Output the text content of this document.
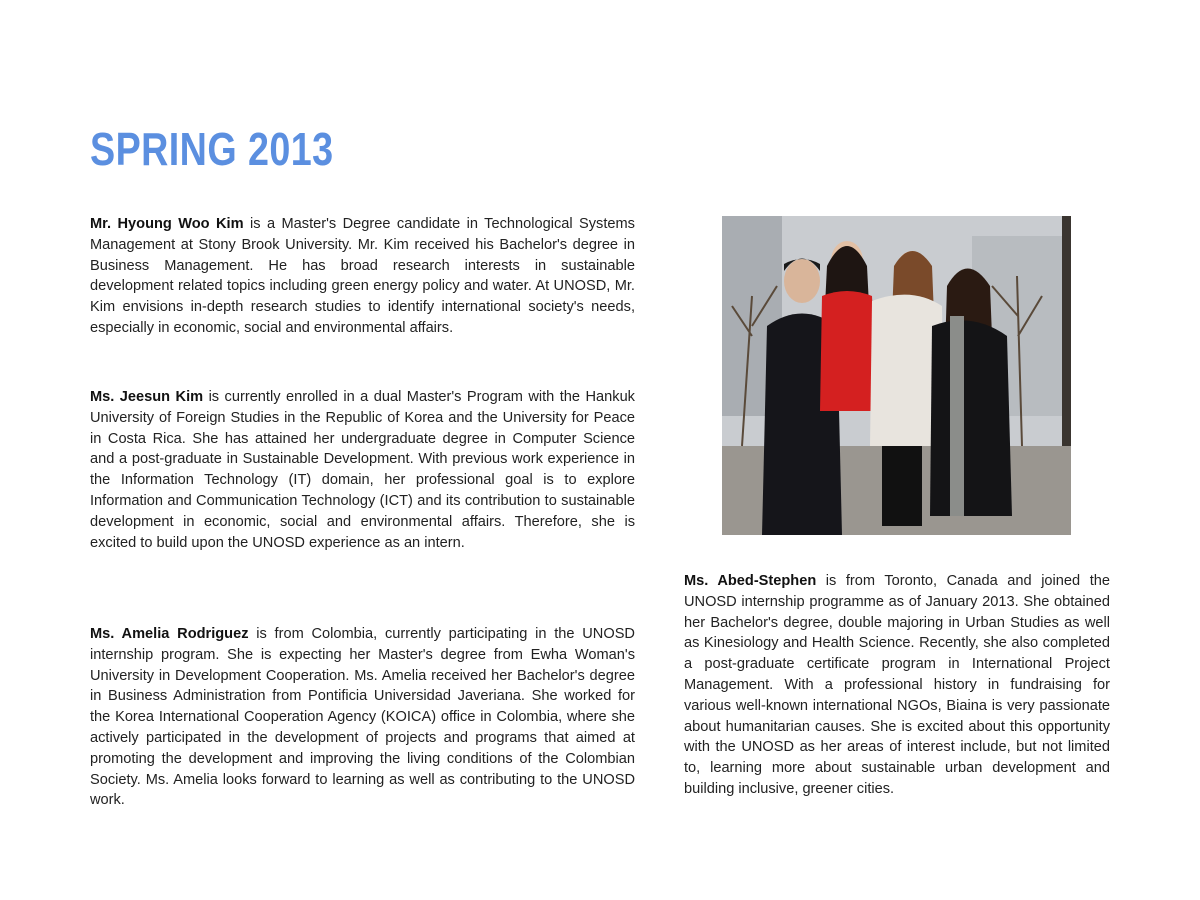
SPRING 2013

Mr. Hyoung Woo Kim is a Master's Degree candidate in Technological Systems Management at Stony Brook University. Mr. Kim received his Bachelor's degree in Business Management. He has broad research interests in sustainable development related topics including green energy policy and water. At UNOSD, Mr. Kim envisions in-depth research studies to identify international society's needs, especially in economic, social and environmental affairs.

Ms. Jeesun Kim is currently enrolled in a dual Master's Program with the Hankuk University of Foreign Studies in the Republic of Korea and the University for Peace in Costa Rica. She has attained her undergraduate degree in Computer Science and a post-graduate in Sustainable Development. With previous work experience in the Information Technology (IT) domain, her professional goal is to explore Information and Communication Technology (ICT) and its contribution to sustainable development in economic, social and environmental affairs. Therefore, she is excited to build upon the UNOSD experience as an intern.

Ms. Amelia Rodriguez is from Colombia, currently participating in the UNOSD internship program. She is expecting her Master's degree from Ewha Woman's University in Development Cooperation. Ms. Amelia received her Bachelor's degree in Business Administration from Pontificia Universidad Javeriana. She worked for the Korea International Cooperation Agency (KOICA) office in Colombia, where she actively participated in the development of projects and programs that aimed at promoting the development and improving the living conditions of the Colombian Society. Ms. Amelia looks forward to learning as well as contributing to the UNOSD work.

Ms. Abed-Stephen is from Toronto, Canada and joined the UNOSD internship programme as of January 2013. She obtained her Bachelor's degree, double majoring in Urban Studies as well as Kinesiology and Health Science. Recently, she also completed a post-graduate certificate program in International Project Management. With a professional history in fundraising for various well-known international NGOs, Biaina is very passionate about humanitarian causes. She is excited about this opportunity with the UNOSD as her areas of interest include, but not limited to, learning more about sustainable urban development and building inclusive, greener cities.
